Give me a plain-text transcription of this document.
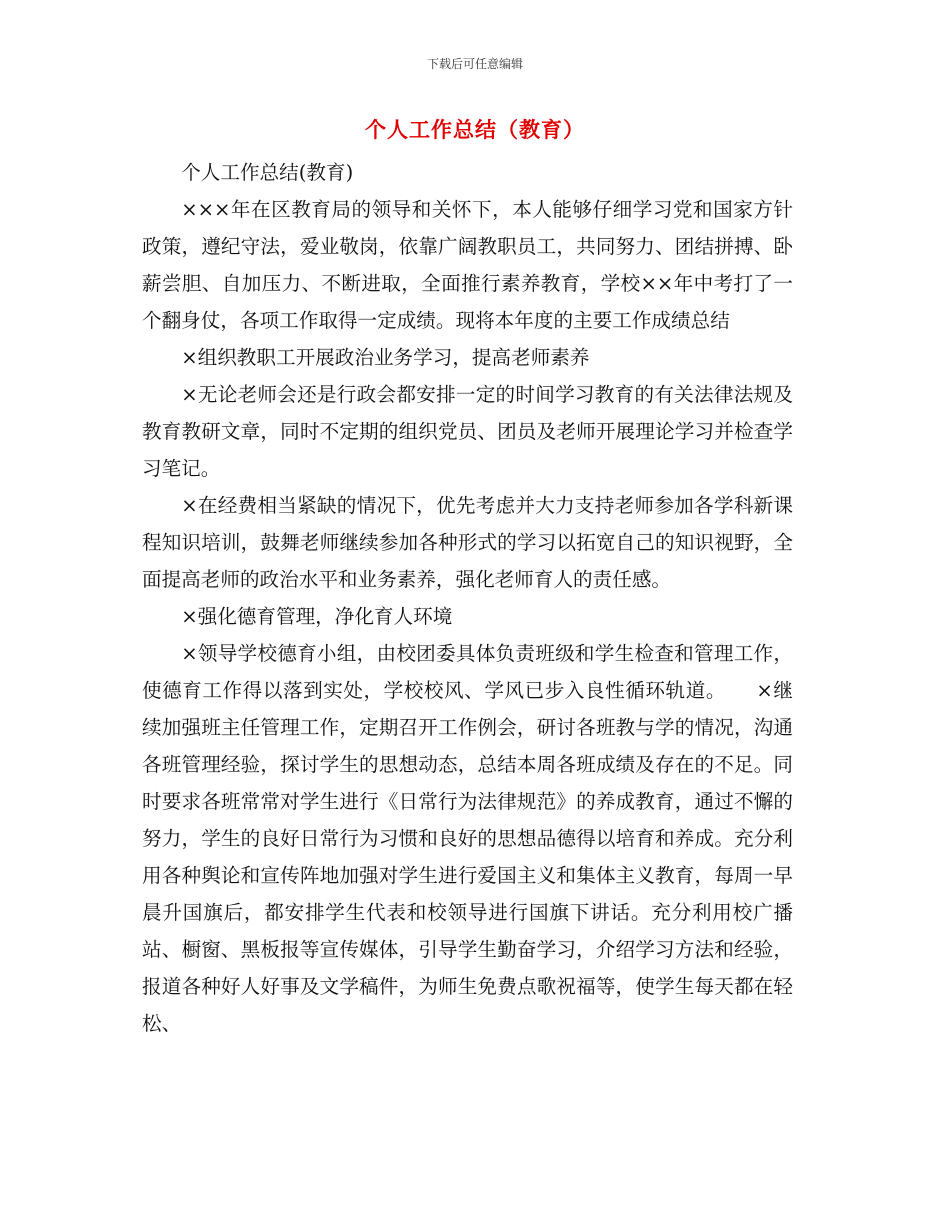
下载后可任意编辑
个人工作总结（教育）

个人工作总结(教育)

×××年在区教育局的领导和关怀下，本人能够仔细学习党和国家方针政策，遵纪守法，爱业敬岗，依靠广阔教职员工，共同努力、团结拼搏、卧薪尝胆、自加压力、不断进取，全面推行素养教育，学校××年中考打了一个翻身仗，各项工作取得一定成绩。现将本年度的主要工作成绩总结

×组织教职工开展政治业务学习，提高老师素养

×无论老师会还是行政会都安排一定的时间学习教育的有关法律法规及教育教研文章，同时不定期的组织党员、团员及老师开展理论学习并检查学习笔记。

×在经费相当紧缺的情况下，优先考虑并大力支持老师参加各学科新课程知识培训，鼓舞老师继续参加各种形式的学习以拓宽自己的知识视野，全面提高老师的政治水平和业务素养，强化老师育人的责任感。

×强化德育管理，净化育人环境

×领导学校德育小组，由校团委具体负责班级和学生检查和管理工作，使德育工作得以落到实处，学校校风、学风已步入良性循环轨道。　　×继续加强班主任管理工作，定期召开工作例会，研讨各班教与学的情况，沟通各班管理经验，探讨学生的思想动态，总结本周各班成绩及存在的不足。同时要求各班常常对学生进行《日常行为法律规范》的养成教育，通过不懈的努力，学生的良好日常行为习惯和良好的思想品德得以培育和养成。充分利用各种舆论和宣传阵地加强对学生进行爱国主义和集体主义教育，每周一早晨升国旗后，都安排学生代表和校领导进行国旗下讲话。充分利用校广播站、橱窗、黑板报等宣传媒体，引导学生勤奋学习，介绍学习方法和经验，报道各种好人好事及文学稿件，为师生免费点歌祝福等，使学生每天都在轻松、
